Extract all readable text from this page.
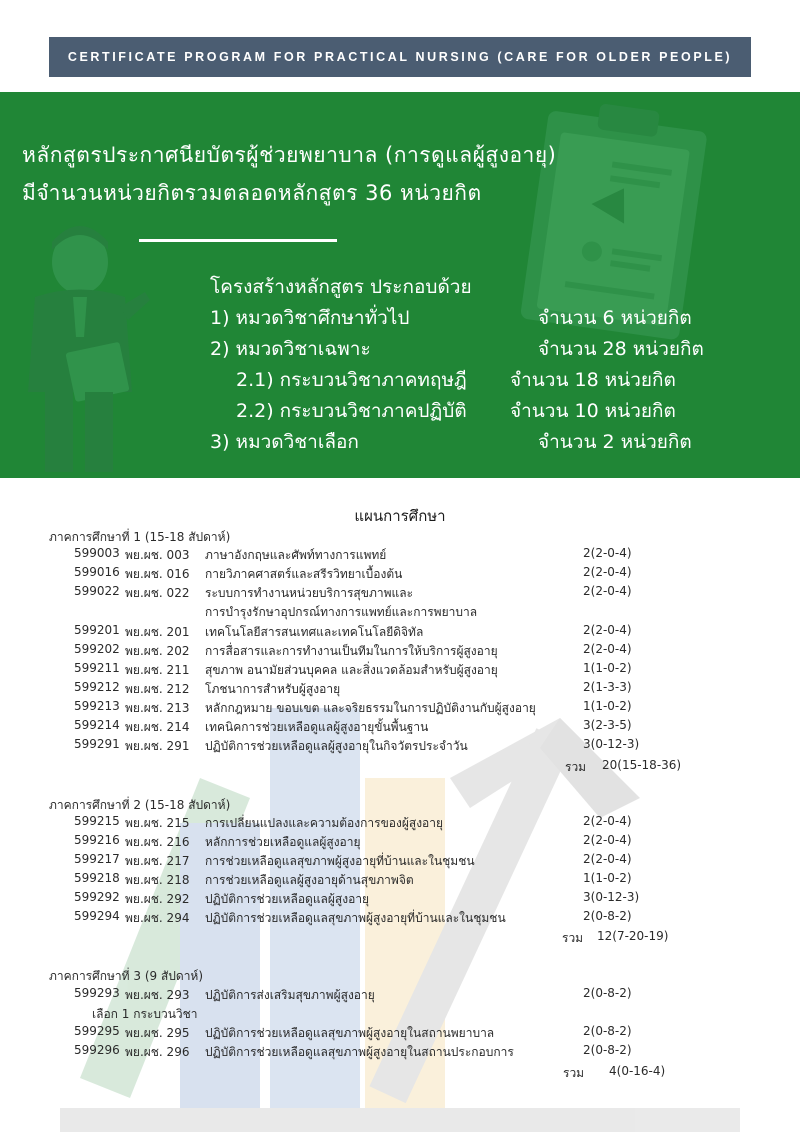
CERTIFICATE PROGRAM FOR PRACTICAL NURSING (CARE FOR OLDER PEOPLE)
หลักสูตรประกาศนียบัตรผู้ช่วยพยาบาล (การดูแลผู้สูงอายุ)
มีจำนวนหน่วยกิตรวมตลอดหลักสูตร 36 หน่วยกิต
โครงสร้างหลักสูตร ประกอบด้วย
1) หมวดวิชาศึกษาทั่วไป	จำนวน 6 หน่วยกิต
2) หมวดวิชาเฉพาะ	จำนวน 28 หน่วยกิต
2.1) กระบวนวิชาภาคทฤษฎี จำนวน 18 หน่วยกิต
2.2) กระบวนวิชาภาคปฏิบัติ จำนวน 10 หน่วยกิต
3) หมวดวิชาเลือก	จำนวน 2 หน่วยกิต
แผนการศึกษา
ภาคการศึกษาที่ 1 (15-18 สัปดาห์)
599003 พย.ผช. 003 ภาษาอังกฤษและศัพท์ทางการแพทย์	2(2-0-4)
599016 พย.ผช. 016 กายวิภาคศาสตร์และสรีรวิทยาเบื้องต้น	2(2-0-4)
599022 พย.ผช. 022 ระบบการทำงานหน่วยบริการสุขภาพและ	2(2-0-4)
การบำรุงรักษาอุปกรณ์ทางการแพทย์และการพยาบาล
599201 พย.ผช. 201 เทคโนโลยีสารสนเทศและเทคโนโลยีดิจิทัล	2(2-0-4)
599202 พย.ผช. 202 การสื่อสารและการทำงานเป็นทีมในการให้บริการผู้สูงอายุ	2(2-0-4)
599211 พย.ผช. 211 สุขภาพ อนามัยส่วนบุคคล และสิ่งแวดล้อมสำหรับผู้สูงอายุ	1(1-0-2)
599212 พย.ผช. 212 โภชนาการสำหรับผู้สูงอายุ	2(1-3-3)
599213 พย.ผช. 213 หลักกฎหมาย ขอบเขต และจริยธรรมในการปฏิบัติงานกับผู้สูงอายุ	1(1-0-2)
599214 พย.ผช. 214 เทคนิคการช่วยเหลือดูแลผู้สูงอายุขั้นพื้นฐาน	3(2-3-5)
599291 พย.ผช. 291 ปฏิบัติการช่วยเหลือดูแลผู้สูงอายุในกิจวัตรประจำวัน	3(0-12-3)
รวม 20(15-18-36)
ภาคการศึกษาที่ 2 (15-18 สัปดาห์)
599215 พย.ผช. 215 การเปลี่ยนแปลงและความต้องการของผู้สูงอายุ	2(2-0-4)
599216 พย.ผช. 216 หลักการช่วยเหลือดูแลผู้สูงอายุ	2(2-0-4)
599217 พย.ผช. 217 การช่วยเหลือดูแลสุขภาพผู้สูงอายุที่บ้านและในชุมชน	2(2-0-4)
599218 พย.ผช. 218 การช่วยเหลือดูแลผู้สูงอายุด้านสุขภาพจิต	1(1-0-2)
599292 พย.ผช. 292 ปฏิบัติการช่วยเหลือดูแลผู้สูงอายุ	3(0-12-3)
599294 พย.ผช. 294 ปฏิบัติการช่วยเหลือดูแลสุขภาพผู้สูงอายุที่บ้านและในชุมชน	2(0-8-2)
รวม 12(7-20-19)
ภาคการศึกษาที่ 3 (9 สัปดาห์)
599293 พย.ผช. 293 ปฏิบัติการส่งเสริมสุขภาพผู้สูงอายุ	2(0-8-2)
เลือก 1 กระบวนวิชา
599295 พย.ผช. 295 ปฏิบัติการช่วยเหลือดูแลสุขภาพผู้สูงอายุในสถานพยาบาล	2(0-8-2)
599296 พย.ผช. 296 ปฏิบัติการช่วยเหลือดูแลสุขภาพผู้สูงอายุในสถานประกอบการ	2(0-8-2)
รวม 4(0-16-4)
